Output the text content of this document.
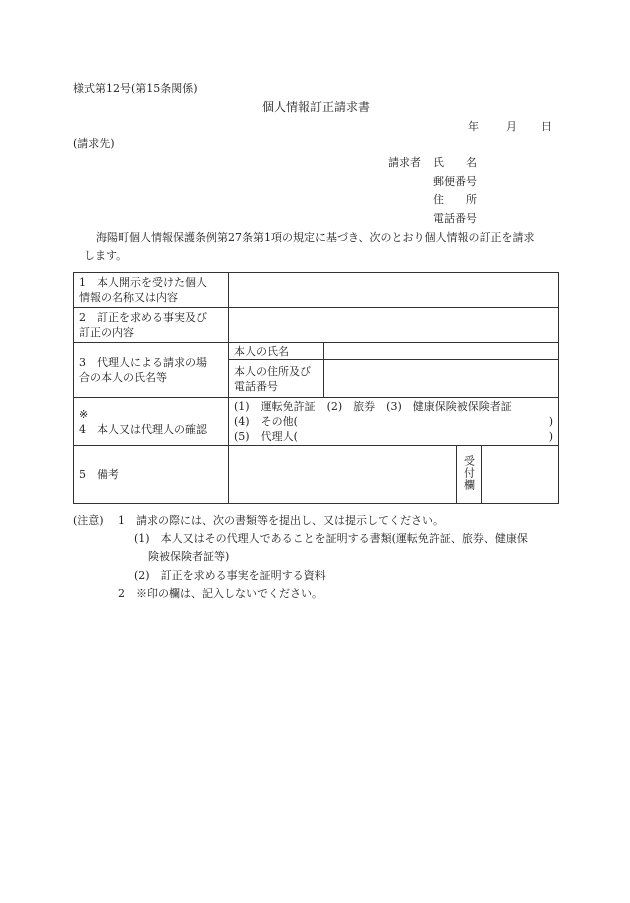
様式第12号(第15条関係)
個人情報訂正請求書
年 月 日
(請求先)
請求者 氏　　名
郵便番号
住　　所
電話番号
海陽町個人情報保護条例第27条第1項の規定に基づき、次のとおり個人情報の訂正を請求
します。
1　本人開示を受けた個人
情報の名称又は内容				

2　訂正を求める事実及び
訂正の内容				

3　代理人による請求の場
合の本人の氏名等	本人の氏名			

	本人の住所及び
電話番号			

※
4　本人又は代理人の確認	(1)　運転免許証　(2)　旅券　(3)　健康保険被保険者証
(4)　その他( )
(5)　代理人( )			

5　備考			受付欄	
(注意) 1　請求の際には、次の書類等を提出し、又は提示してください。
(1)　本人又はその代理人であることを証明する書類(運転免許証、旅券、健康保
険被保険者証等)
(2)　訂正を求める事実を証明する資料
2　※印の欄は、記入しないでください。
